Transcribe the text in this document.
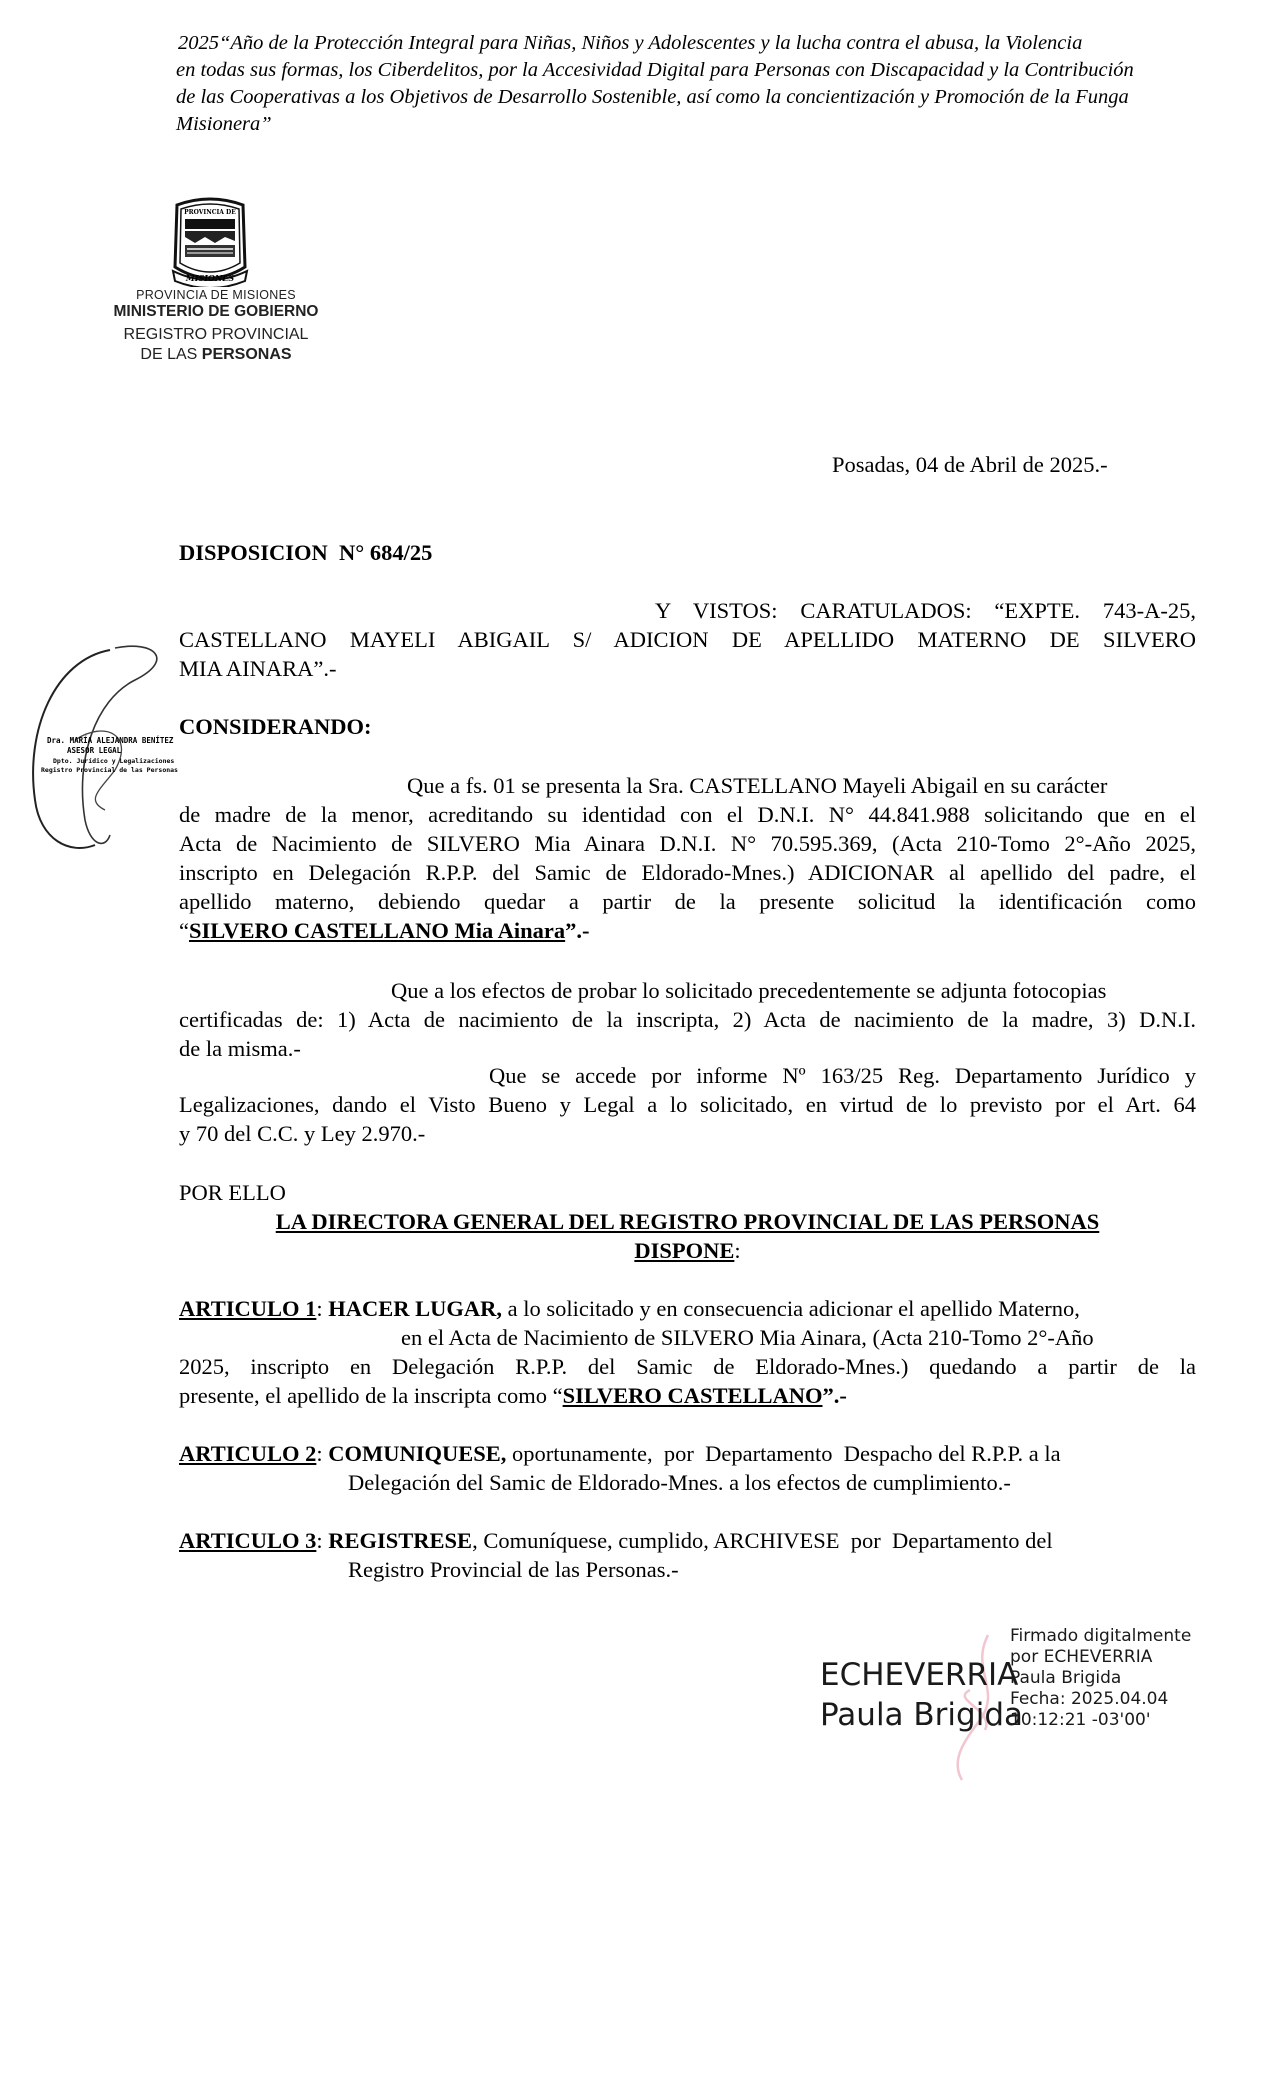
2025“Año de la Protección Integral para Niñas, Niños y Adolescentes y la lucha contra el abusa, la Violencia
en todas sus formas, los Ciberdelitos, por la Accesividad Digital para Personas con Discapacidad y la Contribución
de las Cooperativas a los Objetivos de Desarrollo Sostenible, así como la concientización y Promoción de la Funga
Misionera”
PROVINCIA DE
MISIONES
PROVINCIA DE MISIONES
MINISTERIO DE GOBIERNO
REGISTRO PROVINCIAL
DE LAS PERSONAS
Posadas, 04 de Abril de 2025.-
DISPOSICION  N° 684/25
Y VISTOS: CARATULADOS: “EXPTE. 743-A-25,
CASTELLANO MAYELI ABIGAIL S/ ADICION DE APELLIDO MATERNO DE SILVERO
MIA AINARA”.-
CONSIDERANDO:
Que a fs. 01 se presenta la Sra. CASTELLANO Mayeli Abigail en su carácter
de madre de la menor, acreditando su identidad con el D.N.I. N° 44.841.988 solicitando que en el
Acta de Nacimiento de SILVERO Mia Ainara D.N.I. N° 70.595.369, (Acta 210-Tomo 2°-Año 2025,
inscripto en Delegación R.P.P. del Samic de Eldorado-Mnes.) ADICIONAR al apellido del padre, el
apellido materno, debiendo quedar a partir de la presente solicitud la identificación como
“SILVERO CASTELLANO Mia Ainara”.-
Que a los efectos de probar lo solicitado precedentemente se adjunta fotocopias
certificadas de: 1) Acta de nacimiento de la inscripta, 2) Acta de nacimiento de la madre, 3) D.N.I.
de la misma.-
Que se accede por informe Nº 163/25 Reg. Departamento Jurídico y
Legalizaciones, dando el Visto Bueno y Legal a lo solicitado, en virtud de lo previsto por el Art. 64
y 70 del C.C. y Ley 2.970.-
POR ELLO
LA DIRECTORA GENERAL DEL REGISTRO PROVINCIAL DE LAS PERSONAS
DISPONE:
ARTICULO 1: HACER LUGAR, a lo solicitado y en consecuencia adicionar el apellido Materno,
en el Acta de Nacimiento de SILVERO Mia Ainara, (Acta 210-Tomo 2°-Año
2025, inscripto en Delegación R.P.P. del Samic de Eldorado-Mnes.) quedando a partir de la
presente, el apellido de la inscripta como “SILVERO CASTELLANO”.-
ARTICULO 2: COMUNIQUESE, oportunamente,  por  Departamento  Despacho del R.P.P. a la
Delegación del Samic de Eldorado-Mnes. a los efectos de cumplimiento.-
ARTICULO 3: REGISTRESE, Comuníquese, cumplido, ARCHIVESE  por  Departamento del
Registro Provincial de las Personas.-
Dra. MARÍA ALEJANDRA BENÍTEZ
ASESOR LEGAL
Dpto. Jurídico y Legalizaciones
Registro Provincial de las Personas
ECHEVERRIA
Paula Brigida
Firmado digitalmente
por ECHEVERRIA
Paula Brigida
Fecha: 2025.04.04
10:12:21 -03'00'
